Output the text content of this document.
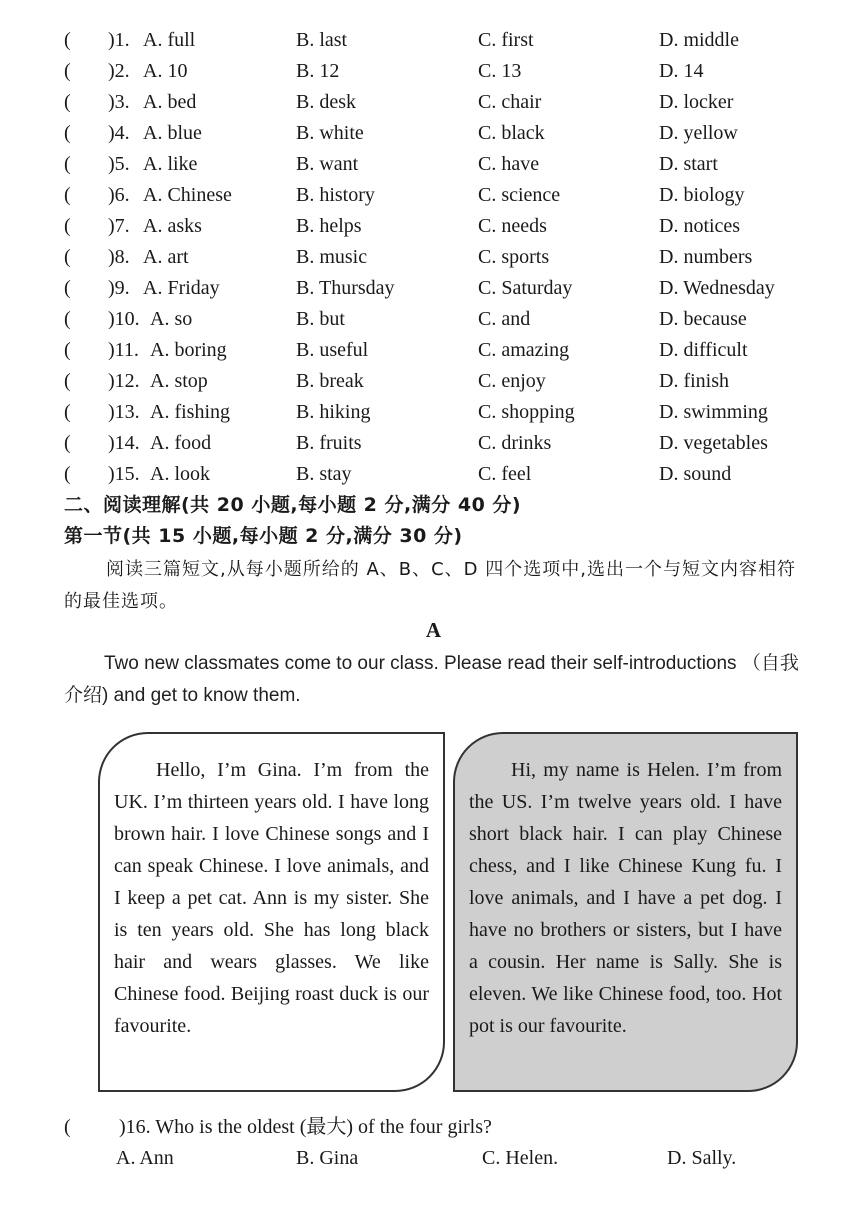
( )1. A. full	B. last	C. first	D. middle
( )2. A. 10	B. 12	C. 13	D. 14
( )3. A. bed	B. desk	C. chair	D. locker
( )4. A. blue	B. white	C. black	D. yellow
( )5. A. like	B. want	C. have	D. start
( )6. A. Chinese	B. history	C. science	D. biology
( )7. A. asks	B. helps	C. needs	D. notices
( )8. A. art	B. music	C. sports	D. numbers
( )9. A. Friday	B. Thursday	C. Saturday	D. Wednesday
( )10. A. so	B. but	C. and	D. because
( )11. A. boring	B. useful	C. amazing	D. difficult
( )12. A. stop	B. break	C. enjoy	D. finish
( )13. A. fishing	B. hiking	C. shopping	D. swimming
( )14. A. food	B. fruits	C. drinks	D. vegetables
( )15. A. look	B. stay	C. feel	D. sound
二、阅读理解(共 20 小题,每小题 2 分,满分 40 分)
第一节(共 15 小题,每小题 2 分,满分 30 分)
阅读三篇短文,从每小题所给的 A、B、C、D 四个选项中,选出一个与短文内容相符的最佳选项。
A
Two new classmates come to our class. Please read their self-introductions （自我介绍) and get to know them.

Hello, I’m Gina. I’m from the UK. I’m thirteen years old. I have long brown hair. I love Chinese songs and I can speak Chinese. I love animals, and I keep a pet cat. Ann is my sister. She is ten years old. She has long black hair and wears glasses. We like Chinese food. Beijing roast duck is our favourite.

Hi, my name is Helen. I’m from the US. I’m twelve years old. I have short black hair. I can play Chinese chess, and I like Chinese Kung fu. I love animals, and I have a pet dog. I have no brothers or sisters, but I have a cousin. Her name is Sally. She is eleven. We like Chinese food, too. Hot pot is our favourite.

( )16. Who is the oldest (最大) of the four girls?
A. Ann	B. Gina	C. Helen.	D. Sally.
